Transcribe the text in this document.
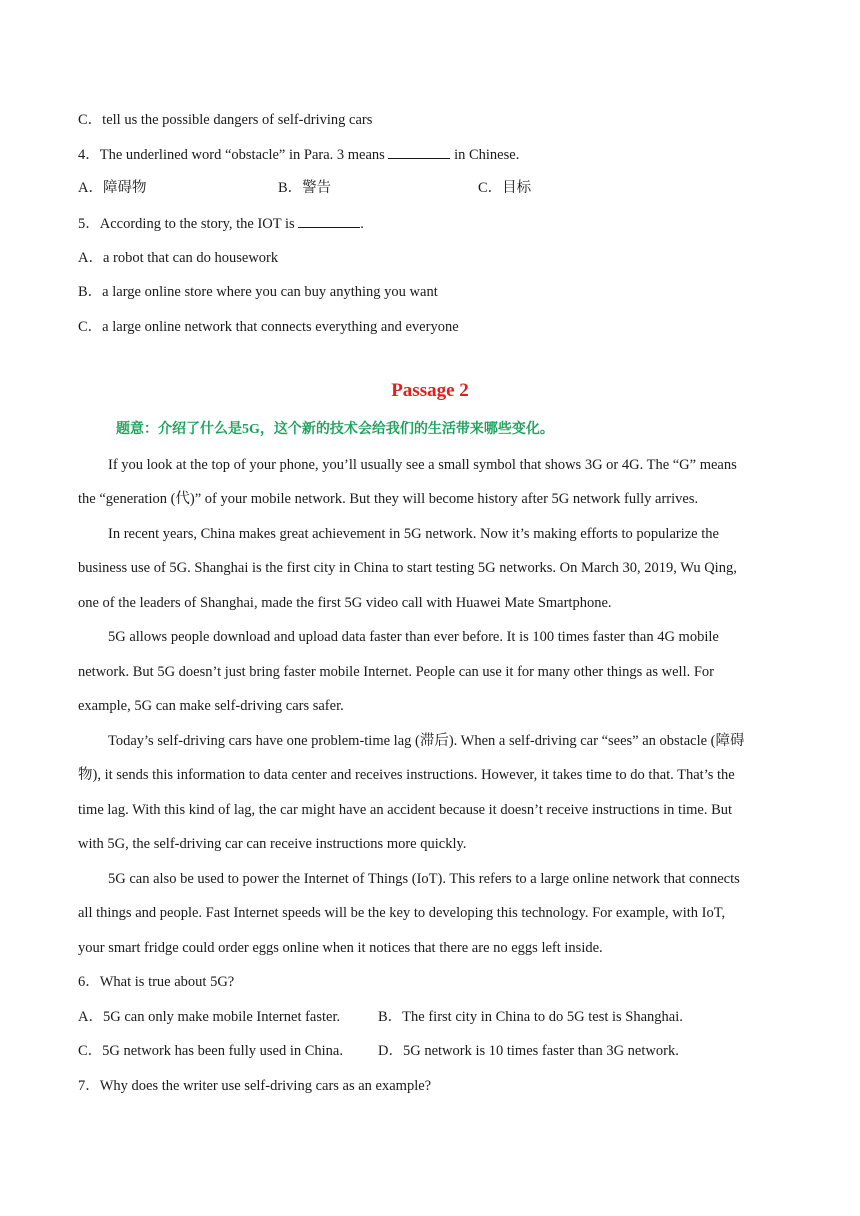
C．tell us the possible dangers of self-driving cars
4．The underlined word “obstacle” in Para. 3 means	in Chinese.
A．障碍物	B．警告	C．目标
5．According to the story, the IOT is	.
A．a robot that can do housework
B．a large online store where you can buy anything you want
C．a large online network that connects everything and everyone
Passage 2
题意：介绍了什么是5G，这个新的技术会给我们的生活带来哪些变化。
If you look at the top of your phone, you’ll usually see a small symbol that shows 3G or 4G. The “G” means
the “generation (代)” of your mobile network. But they will become history after 5G network fully arrives.
In recent years, China makes great achievement in 5G network. Now it’s making efforts to popularize the
business use of 5G. Shanghai is the first city in China to start testing 5G networks. On March 30, 2019, Wu Qing,
one of the leaders of Shanghai, made the first 5G video call with Huawei Mate Smartphone.
5G allows people download and upload data faster than ever before. It is 100 times faster than 4G mobile
network. But 5G doesn’t just bring faster mobile Internet. People can use it for many other things as well. For
example, 5G can make self-driving cars safer.
Today’s self-driving cars have one problem-time lag (滞后). When a self-driving car “sees” an obstacle (障碍
物), it sends this information to data center and receives instructions. However, it takes time to do that. That’s the
time lag. With this kind of lag, the car might have an accident because it doesn’t receive instructions in time. But
with 5G, the self-driving car can receive instructions more quickly.
5G can also be used to power the Internet of Things (IoT). This refers to a large online network that connects
all things and people. Fast Internet speeds will be the key to developing this technology. For example, with IoT,
your smart fridge could order eggs online when it notices that there are no eggs left inside.
6．What is true about 5G?
A．5G can only make mobile Internet faster.	B．The first city in China to do 5G test is Shanghai.
C．5G network has been fully used in China. D．5G network is 10 times faster than 3G network.
7．Why does the writer use self-driving cars as an example?
